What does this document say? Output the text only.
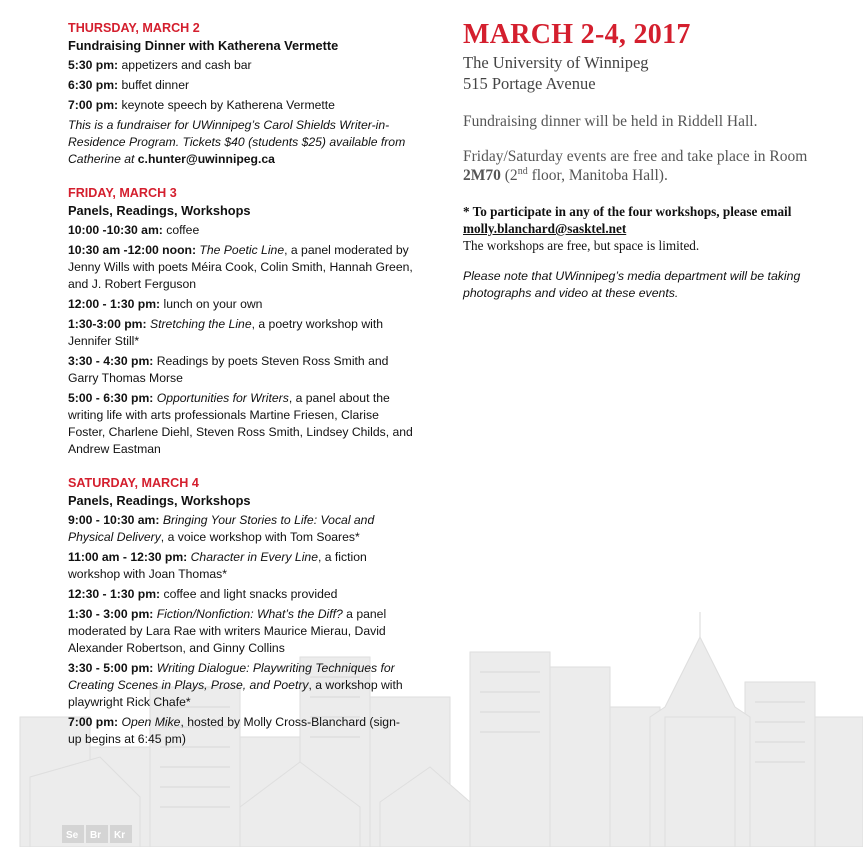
Se Br Kr
THURSDAY, MARCH 2
Fundraising Dinner with Katherena Vermette
5:30 pm: appetizers and cash bar
6:30 pm: buffet dinner
7:00 pm: keynote speech by Katherena Vermette
This is a fundraiser for UWinnipeg’s Carol Shields Writer-in-Residence Program. Tickets $40 (students $25) available from Catherine at c.hunter@uwinnipeg.ca
FRIDAY, MARCH 3
Panels, Readings, Workshops
10:00 -10:30 am: coffee
10:30 am -12:00 noon: The Poetic Line, a panel moderated by Jenny Wills with poets Méira Cook, Colin Smith, Hannah Green, and J. Robert Ferguson
12:00 - 1:30 pm: lunch on your own
1:30-3:00 pm: Stretching the Line, a poetry workshop with Jennifer Still*
3:30 - 4:30 pm: Readings by poets Steven Ross Smith and Garry Thomas Morse
5:00 - 6:30 pm: Opportunities for Writers, a panel about the writing life with arts professionals Martine Friesen, Clarise Foster, Charlene Diehl, Steven Ross Smith, Lindsey Childs, and Andrew Eastman
SATURDAY, MARCH 4
Panels, Readings, Workshops
9:00 - 10:30 am: Bringing Your Stories to Life: Vocal and Physical Delivery, a voice workshop with Tom Soares*
11:00 am - 12:30 pm: Character in Every Line, a fiction workshop with Joan Thomas*
12:30 - 1:30 pm: coffee and light snacks provided
1:30 - 3:00 pm: Fiction/Nonfiction: What’s the Diff? a panel moderated by Lara Rae with writers Maurice Mierau, David Alexander Robertson, and Ginny Collins
3:30 - 5:00 pm: Writing Dialogue: Playwriting Techniques for Creating Scenes in Plays, Prose, and Poetry, a workshop with playwright Rick Chafe*
7:00 pm: Open Mike, hosted by Molly Cross-Blanchard (sign-up begins at 6:45 pm)
MARCH 2-4, 2017
The University of Winnipeg
515 Portage Avenue
Fundraising dinner will be held in Riddell Hall.
Friday/Saturday events are free and take place in Room 2M70 (2nd floor, Manitoba Hall).
* To participate in any of the four workshops, please email molly.blanchard@sasktel.net
The workshops are free, but space is limited.
Please note that UWinnipeg’s media department will be taking photographs and video at these events.
